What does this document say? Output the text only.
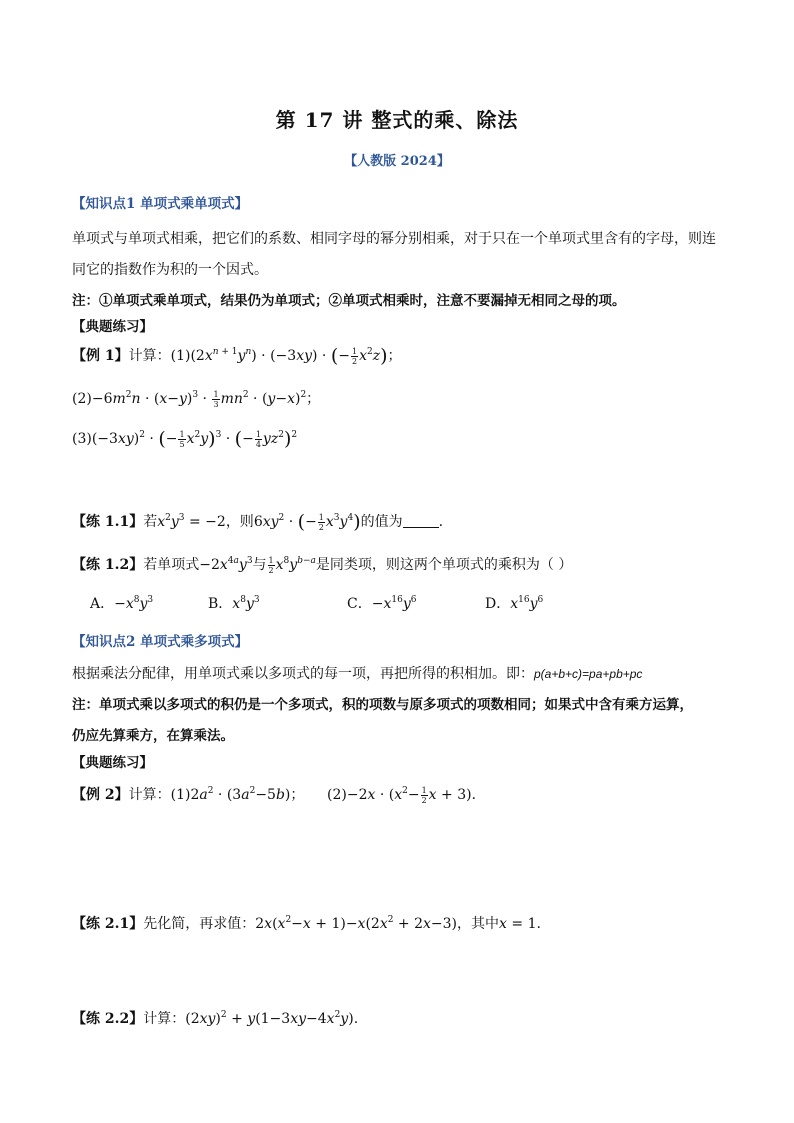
第 17 讲 整式的乘、除法
【人教版 2024】
【知识点1 单项式乘单项式】
单项式与单项式相乘，把它们的系数、相同字母的幂分别相乘，对于只在一个单项式里含有的字母，则连
同它的指数作为积的一个因式。
注：①单项式乘单项式，结果仍为单项式；②单项式相乘时，注意不要漏掉无相同之母的项。
【典题练习】
【例 1】计算：$(1)(2x^{n + 1}y^n) \cdot (-3xy)$ · (− $\frac{1}{2} x^2z$)；
$(2)-6m^2n \cdot (x-y)^3 \cdot \frac{1}{3} mn^2 \cdot (y-x)^2$；
$(3)(-3xy)^2$ · (− $\frac{1}{5} x^2y)^3$ · (− $\frac{1}{4} yz^2)^2$
【练 1.1】若$x^2y^3 = -2$，则$6xy^2$ · (− $\frac{1}{2} x^3y^4$)的值为	.
【练 1.2】若单项式$-2x^{4a}y^3$与 $\frac{1}{2} x^8y^{b-a}$是同类项，则这两个单项式的乘积为（ ）
A．$-x^8y^3$	B．$x^8y^3$	C．$-x^{16}y^6$	D．$x^{16}y^6$
【知识点2 单项式乘多项式】
根据乘法分配律，用单项式乘以多项式的每一项，再把所得的积相加。即：p(a+b+c)=pa+pb+pc
注：单项式乘以多项式的积仍是一个多项式，积的项数与原多项式的项数相同；如果式中含有乘方运算，
仍应先算乘方，在算乘法。
【典题练习】
【例 2】计算：$(1)2a^2 \cdot (3a^2-5b)$； $(2)-2x \cdot (x^2- \frac{1}{2}$ x + 3)．
【练 2.1】先化简，再求值：$2x(x^2-x + 1)-x(2x^2 + 2x-3)$，其中x = 1.
【练 2.2】计算：$(2xy)^2 + y(1-3xy-4x^2y)$.
